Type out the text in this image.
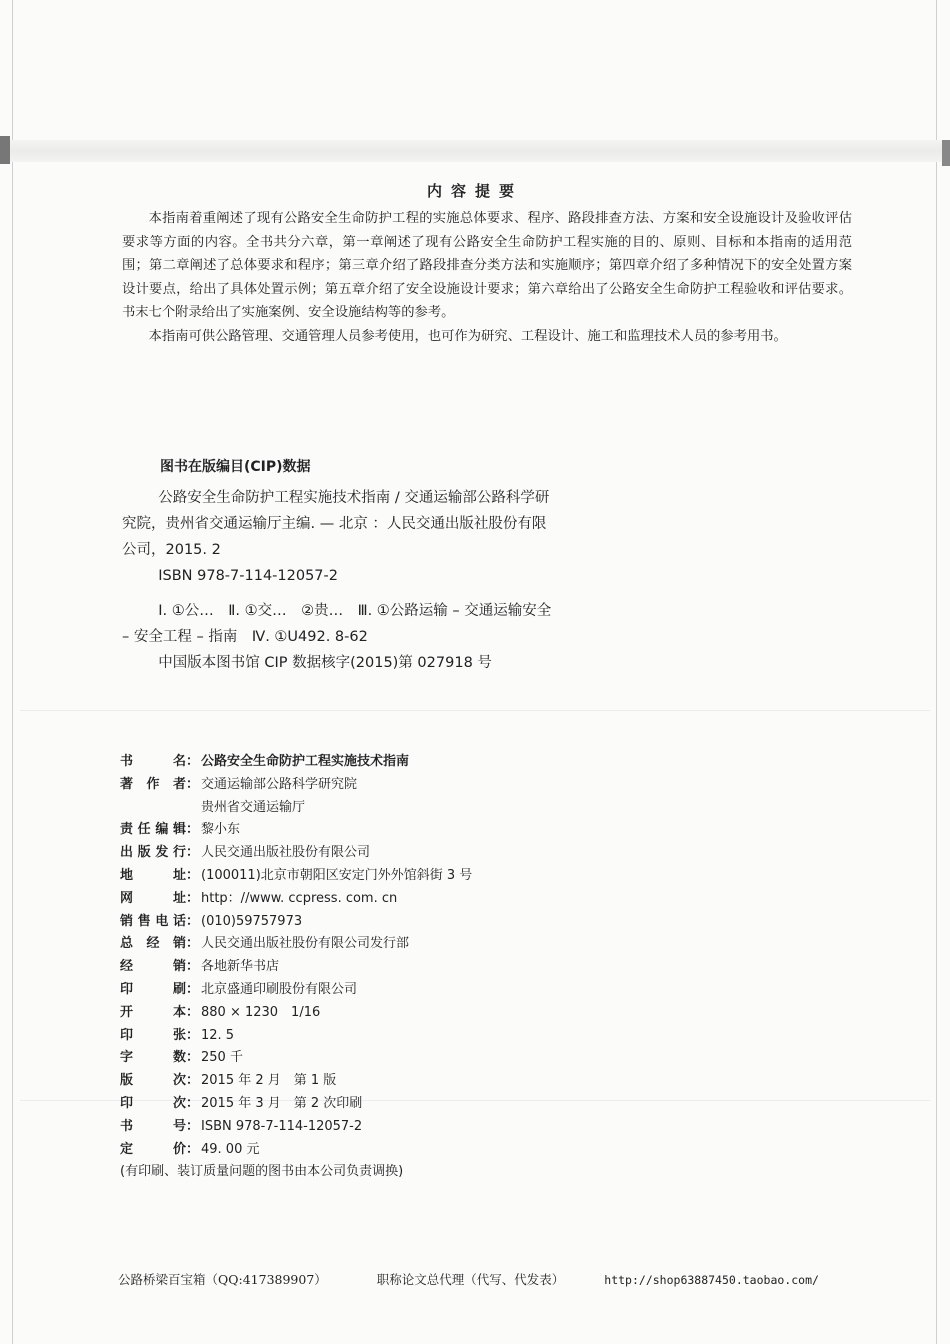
内容提要

本指南着重阐述了现有公路安全生命防护工程的实施总体要求、程序、路段排查方法、方案和安全设施设计及验收评估要求等方面的内容。全书共分六章，第一章阐述了现有公路安全生命防护工程实施的目的、原则、目标和本指南的适用范围；第二章阐述了总体要求和程序；第三章介绍了路段排查分类方法和实施顺序；第四章介绍了多种情况下的安全处置方案设计要点，给出了具体处置示例；第五章介绍了安全设施设计要求；第六章给出了公路安全生命防护工程验收和评估要求。书末七个附录给出了实施案例、安全设施结构等的参考。

本指南可供公路管理、交通管理人员参考使用，也可作为研究、工程设计、施工和监理技术人员的参考用书。

图书在版编目(CIP)数据

公路安全生命防护工程实施技术指南 / 交通运输部公路科学研究院，贵州省交通运输厅主编. — 北京 ：人民交通出版社股份有限公司，2015. 2

ISBN 978-7-114-12057-2

Ⅰ. ①公…　Ⅱ. ①交…　②贵…　Ⅲ. ①公路运输 – 交通运输安全 – 安全工程 – 指南　Ⅳ. ①U492. 8-62

中国版本图书馆 CIP 数据核字(2015)第 027918 号

书	名 ： 公路安全生命防护工程实施技术指南
著 作 者 ： 交通运输部公路科学研究院
贵州省交通运输厅
责 任 编 辑 ： 黎小东
出 版 发 行 ： 人民交通出版社股份有限公司
地	址 ： (100011)北京市朝阳区安定门外外馆斜街 3 号
网	址 ： http：//www. ccpress. com. cn
销 售 电 话 ： (010)59757973
总 经 销 ： 人民交通出版社股份有限公司发行部
经	销 ： 各地新华书店
印	刷 ： 北京盛通印刷股份有限公司
开	本 ： 880 × 1230　1/16
印	张 ： 12. 5
字	数 ： 250 千
版	次 ： 2015 年 2 月　第 1 版
印	次 ： 2015 年 3 月　第 2 次印刷
书	号 ： ISBN 978-7-114-12057-2
定	价 ： 49. 00 元
(有印刷、装订质量问题的图书由本公司负责调换)
公路桥梁百宝箱（QQ:417389907）	职称论文总代理（代写、代发表）	http://shop63887450.taobao.com/
